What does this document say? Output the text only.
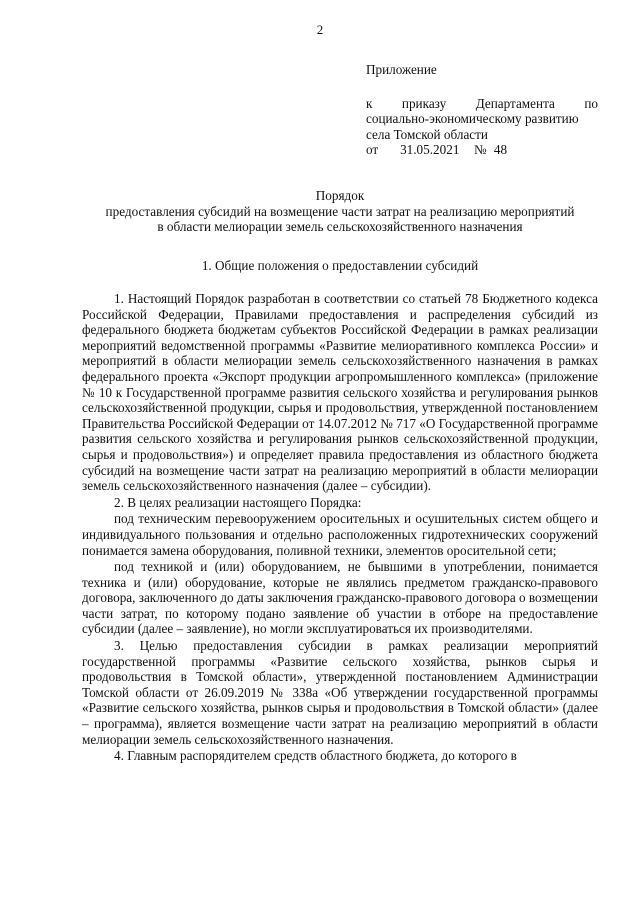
2
Приложение
к приказу Департамента по
социально-экономическому развитию
села Томской области
от   31.05.2021  № 48
Порядок
предоставления субсидий на возмещение части затрат на реализацию мероприятий
в области мелиорации земель сельскохозяйственного назначения
1. Общие положения о предоставлении субсидий

1. Настоящий Порядок разработан в соответствии со статьей 78 Бюджетного кодекса Российской Федерации, Правилами предоставления и распределения субсидий из федерального бюджета бюджетам субъектов Российской Федерации в рамках реализации мероприятий ведомственной программы «Развитие мелиоративного комплекса России» и мероприятий в области мелиорации земель сельскохозяйственного назначения в рамках федерального проекта «Экспорт продукции агропромышленного комплекса» (приложение № 10 к Государственной программе развития сельского хозяйства и регулирования рынков сельскохозяйственной продукции, сырья и продовольствия, утвержденной постановлением Правительства Российской Федерации от 14.07.2012 № 717 «О Государственной программе развития сельского хозяйства и регулирования рынков сельскохозяйственной продукции, сырья и продовольствия») и определяет правила предоставления из областного бюджета субсидий на возмещение части затрат на реализацию мероприятий в области мелиорации земель сельскохозяйственного назначения (далее – субсидии).

2. В целях реализации настоящего Порядка:

под техническим перевооружением оросительных и осушительных систем общего и индивидуального пользования и отдельно расположенных гидротехнических сооружений понимается замена оборудования, поливной техники, элементов оросительной сети;

под техникой и (или) оборудованием, не бывшими в употреблении, понимается техника и (или) оборудование, которые не являлись предметом гражданско-правового договора, заключенного до даты заключения гражданско-правового договора о возмещении части затрат, по которому подано заявление об участии в отборе на предоставление субсидии (далее – заявление), но могли эксплуатироваться их производителями.

3. Целью предоставления субсидии в рамках реализации мероприятий государственной программы «Развитие сельского хозяйства, рынков сырья и продовольствия в Томской области», утвержденной постановлением Администрации Томской области от 26.09.2019 № 338а «Об утверждении государственной программы «Развитие сельского хозяйства, рынков сырья и продовольствия в Томской области» (далее – программа), является возмещение части затрат на реализацию мероприятий в области мелиорации земель сельскохозяйственного назначения.

4. Главным распорядителем средств областного бюджета, до которого в
